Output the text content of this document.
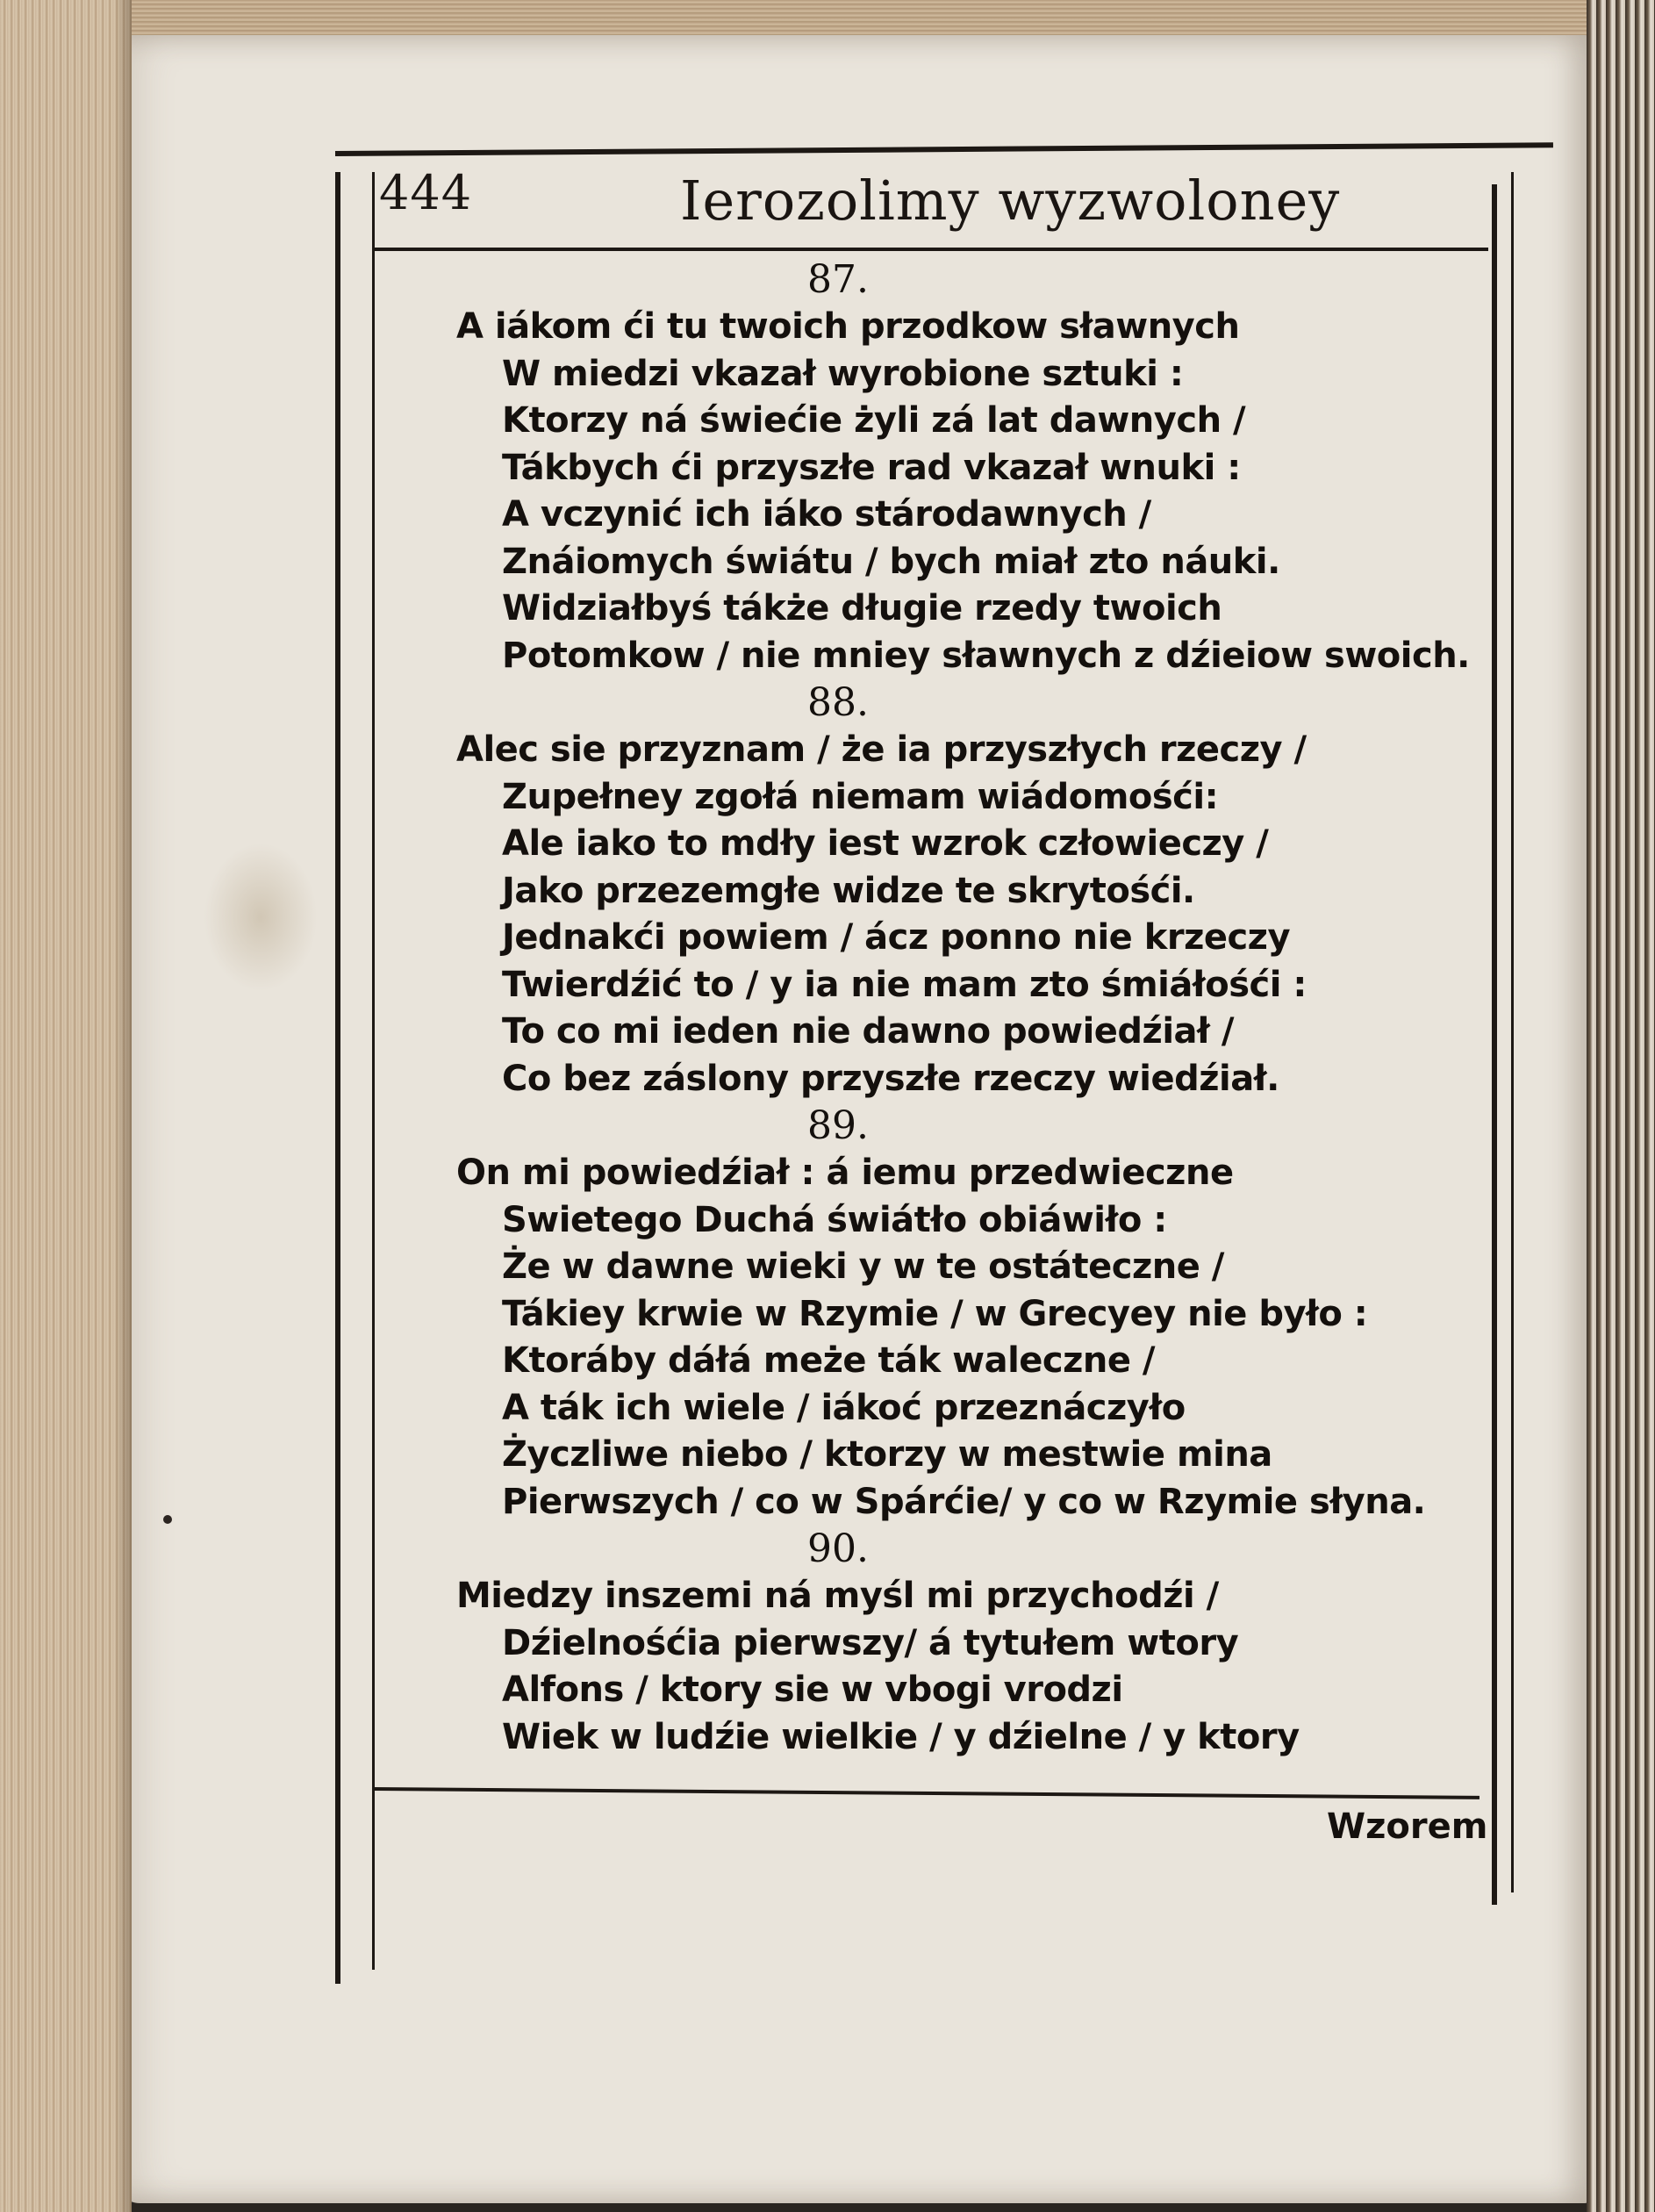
444	Ierozolimy wyzwoloney
87.
A iákom ći tu twoich przodkow sławnych
W miedzi vkazał wyrobione sztuki :
Ktorzy ná świećie żyli zá lat dawnych /
Tákbych ći przyszłe rad vkazał wnuki :
A vczynić ich iáko stárodawnych /
Znáiomych świátu / bych miał zto náuki.
Widziałbyś tákże długie rzedy twoich
Potomkow / nie mniey sławnych z dźieiow swoich.
88.
Alec sie przyznam / że ia przyszłych rzeczy /
Zupełney zgołá niemam wiádomośći:
Ale iako to mdły iest wzrok człowieczy /
Jako przezemgłe widze te skrytośći.
Jednakći powiem / ácz ponno nie krzeczy
Twierdźić to / y ia nie mam zto śmiáłośći :
To co mi ieden nie dawno powiedźiał /
Co bez záslony przyszłe rzeczy wiedźiał.
89.
On mi powiedźiał : á iemu przedwieczne
Swietego Duchá świátło obiáwiło :
Że w dawne wieki y w te ostáteczne /
Tákiey krwie w Rzymie / w Grecyey nie było :
Ktoráby dáłá meże ták waleczne /
A ták ich wiele / iákoć przeznáczyło
Życzliwe niebo / ktorzy w mestwie mina
Pierwszych / co w Spárćie/ y co w Rzymie słyna.
90.
Miedzy inszemi ná myśl mi przychodźi /
Dźielnośćia pierwszy/ á tytułem wtory
Alfons / ktory sie w vbogi vrodzi
Wiek w ludźie wielkie / y dźielne / y ktory
Wzorem
